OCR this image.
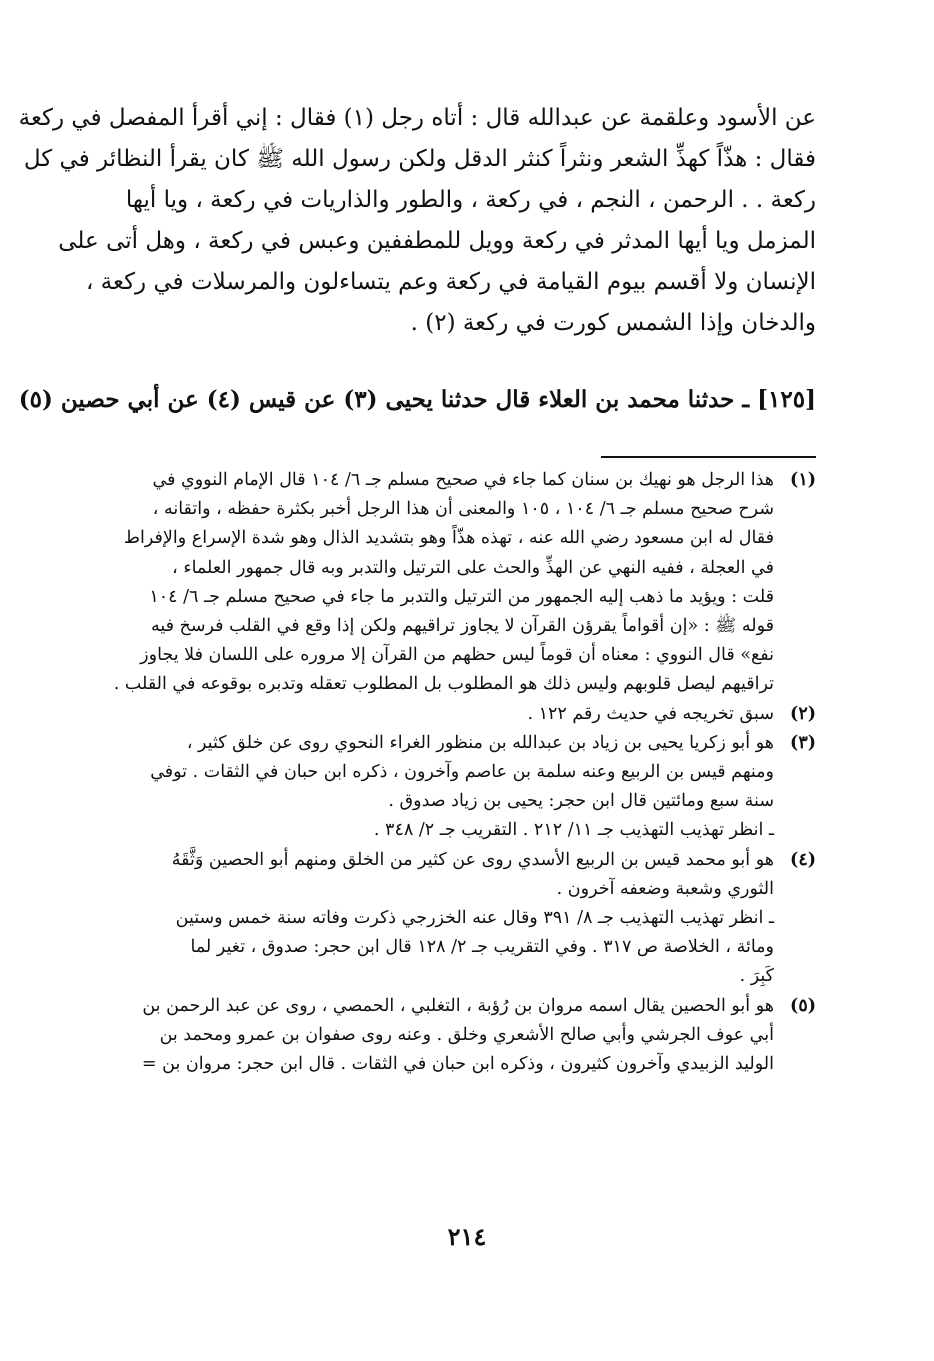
عن الأسود وعلقمة عن عبدالله قال : أتاه رجل (١) فقال : إني أقرأ المفصل في ركعة
فقال : هذّاً كهذِّ الشعر ونثراً كنثر الدقل ولكن رسول الله ﷺ كان يقرأ النظائر في كل
ركعة . . الرحمن ، النجم ، في ركعة ، والطور والذاريات في ركعة ، ويا أيها
المزمل ويا أيها المدثر في ركعة وويل للمطففين وعبس في ركعة ، وهل أتى على
الإنسان ولا أقسم بيوم القيامة في ركعة وعم يتساءلون والمرسلات في ركعة ،
والدخان وإذا الشمس كورت في ركعة (٢) .
[١٢٥] ـ حدثنا محمد بن العلاء قال حدثنا يحيى (٣) عن قيس (٤) عن أبي حصين (٥)
(١)
هذا الرجل هو نهيك بن سنان كما جاء في صحيح مسلم جـ ٦/ ١٠٤ قال الإمام النووي في
شرح صحيح مسلم جـ ٦/ ١٠٤ ، ١٠٥ والمعنى أن هذا الرجل أخبر بكثرة حفظه ، واتقانه ،
فقال له ابن مسعود رضي الله عنه ، تهذه هذّاً وهو بتشديد الذال وهو شدة الإسراع والإفراط
في العجلة ، ففيه النهي عن الهذِّ والحث على الترتيل والتدبر وبه قال جمهور العلماء ،
قلت : ويؤيد ما ذهب إليه الجمهور من الترتيل والتدبر ما جاء في صحيح مسلم جـ ٦/ ١٠٤
قوله ﷺ : «إن أقواماً يقرؤن القرآن لا يجاوز تراقيهم ولكن إذا وقع في القلب فرسخ فيه
نفع» قال النووي : معناه أن قوماً ليس حظهم من القرآن إلا مروره على اللسان فلا يجاوز
تراقيهم ليصل قلوبهم وليس ذلك هو المطلوب بل المطلوب تعقله وتدبره بوقوعه في القلب .
(٢)
سبق تخريجه في حديث رقم ١٢٢ .
(٣)
هو أبو زكريا يحيى بن زياد بن عبدالله بن منظور الغراء النحوي روى عن خلق كثير ،
ومنهم قيس بن الربيع وعنه سلمة بن عاصم وآخرون ، ذكره ابن حبان في الثقات . توفي
سنة سبع ومائتين قال ابن حجر: يحيى بن زياد صدوق .
ـ انظر تهذيب التهذيب جـ ١١/ ٢١٢ . التقريب جـ ٢/ ٣٤٨ .
(٤)
هو أبو محمد قيس بن الربيع الأسدي روى عن كثير من الخلق ومنهم أبو الحصين وَثَّقَهُ
الثوري وشعبة وضعفه آخرون .
ـ انظر تهذيب التهذيب جـ ٨/ ٣٩١ وقال عنه الخزرجي ذكرت وفاته سنة خمس وستين
ومائة ، الخلاصة ص ٣١٧ . وفي التقريب جـ ٢/ ١٢٨ قال ابن حجر: صدوق ، تغير لما
كَبِرَ .
(٥)
هو أبو الحصين يقال اسمه مروان بن رُؤبة ، التغلبي ، الحمصي ، روى عن عبد الرحمن بن
أبي عوف الجرشي وأبي صالح الأشعري وخلق . وعنه روى صفوان بن عمرو ومحمد بن
الوليد الزبيدي وآخرون كثيرون ، وذكره ابن حبان في الثقات . قال ابن حجر: مروان بن =
٢١٤
